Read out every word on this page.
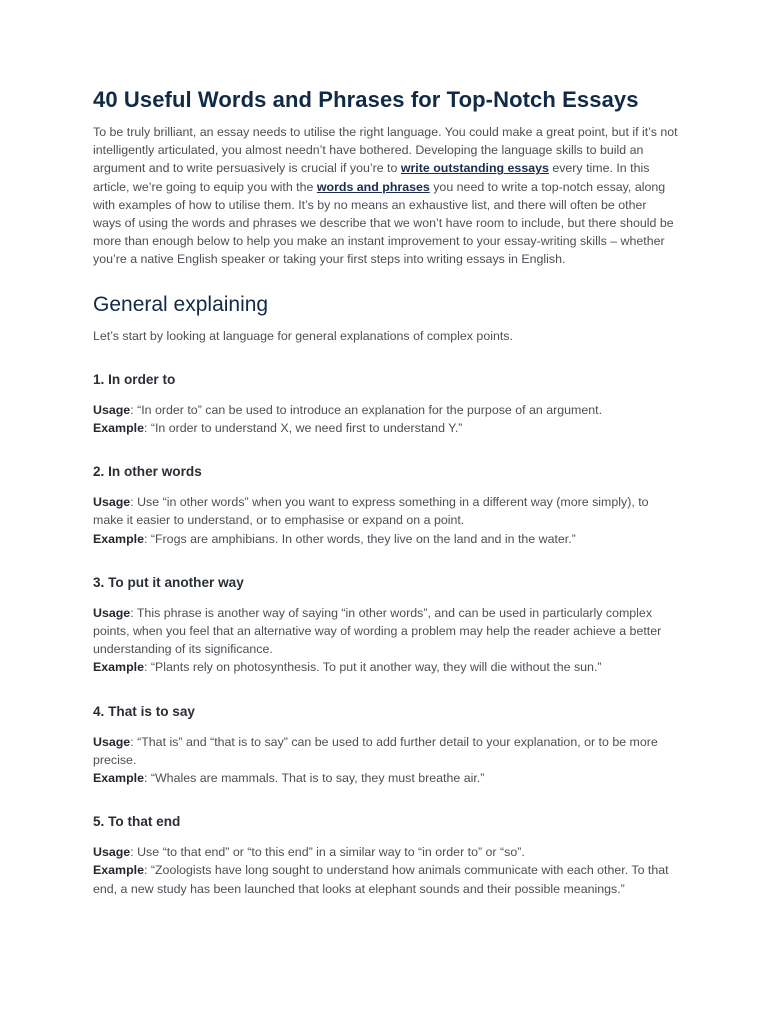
40 Useful Words and Phrases for Top-Notch Essays

To be truly brilliant, an essay needs to utilise the right language. You could make a great point, but if it’s not intelligently articulated, you almost needn’t have bothered. Developing the language skills to build an argument and to write persuasively is crucial if you’re to write outstanding essays every time. In this article, we’re going to equip you with the words and phrases you need to write a top-notch essay, along with examples of how to utilise them. It’s by no means an exhaustive list, and there will often be other ways of using the words and phrases we describe that we won’t have room to include, but there should be more than enough below to help you make an instant improvement to your essay-writing skills – whether you’re a native English speaker or taking your first steps into writing essays in English.

General explaining

Let’s start by looking at language for general explanations of complex points.

1. In order to

Usage: “In order to” can be used to introduce an explanation for the purpose of an argument.

Example: “In order to understand X, we need first to understand Y.”

2. In other words

Usage: Use “in other words” when you want to express something in a different way (more simply), to make it easier to understand, or to emphasise or expand on a point.

Example: “Frogs are amphibians. In other words, they live on the land and in the water.”

3. To put it another way

Usage: This phrase is another way of saying “in other words”, and can be used in particularly complex points, when you feel that an alternative way of wording a problem may help the reader achieve a better understanding of its significance.

Example: “Plants rely on photosynthesis. To put it another way, they will die without the sun.”

4. That is to say

Usage: “That is” and “that is to say” can be used to add further detail to your explanation, or to be more precise.

Example: “Whales are mammals. That is to say, they must breathe air.”

5. To that end

Usage: Use “to that end” or “to this end” in a similar way to “in order to” or “so”.

Example: “Zoologists have long sought to understand how animals communicate with each other. To that end, a new study has been launched that looks at elephant sounds and their possible meanings.”
